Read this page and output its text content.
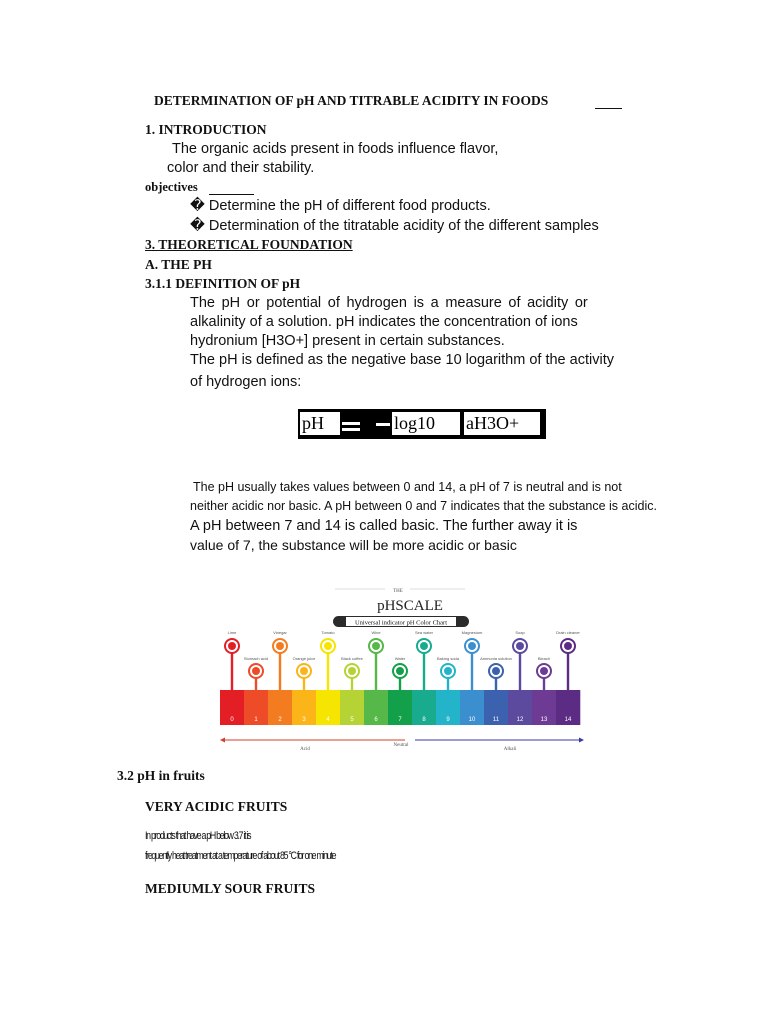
DETERMINATION OF pH AND TITRABLE ACIDITY IN FOODS
1. INTRODUCTION
The organic acids present in foods influence flavor,
color and their stability.
objectives
� Determine the pH of different food products.
� Determination of the titratable acidity of the different samples
3. THEORETICAL FOUNDATION
A. THE PH
3.1.1 DEFINITION OF pH
The pH or potential of hydrogen is a measure of acidity or
alkalinity of a solution. pH indicates the concentration of ions
hydronium [H3O+] present in certain substances.
The pH is defined as the negative base 10 logarithm of the activity
of hydrogen ions:
pH	log10	aH3O+
The pH usually takes values between 0 and 14, a pH of 7 is neutral and is not
neither acidic nor basic. A pH between 0 and 7 indicates that the substance is acidic.
A pH between 7 and 14 is called basic. The further away it is
value of 7, the substance will be more acidic or basic
THE
pHSCALE
Universal indicator pH Color Chart
0
Lime
1
Stomach acid
2
Vinegar
3
Orange juice
4
Tomato
5
Black coffee
6
Wine
7
Water
8
Sea water
9
Baking soda
10
Magnesium
11
Ammonia solution
12
Soap
13
Bleach
14
Drain cleaner
Acid
Neutral
Alkali
3.2 pH in fruits
VERY ACIDIC FRUITS
In products that have a pH below 3.7 it is
frequently heat treatment at a temperature of about 85 °C for one minute
MEDIUMLY SOUR FRUITS
